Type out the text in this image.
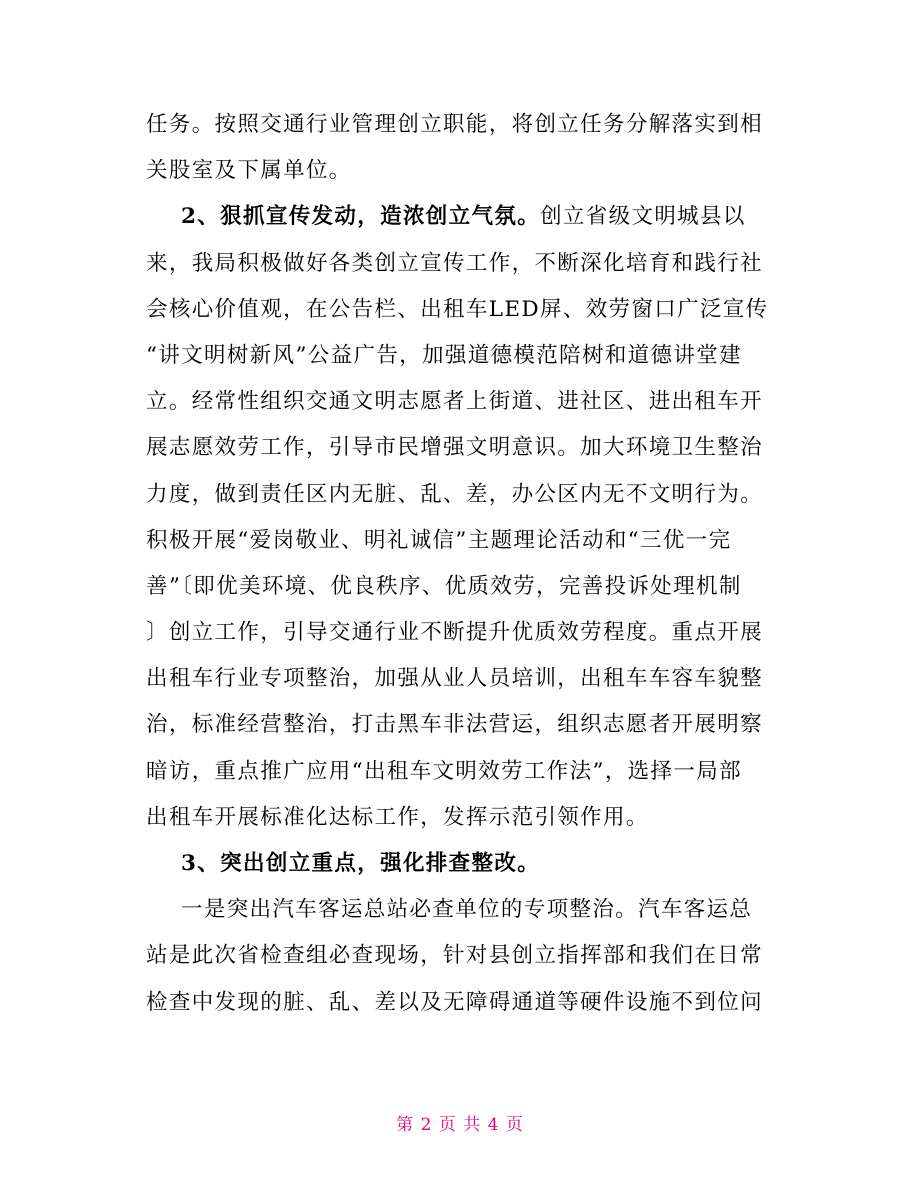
任务。按照交通行业管理创立职能，将创立任务分解落实到相
关股室及下属单位。
2、狠抓宣传发动，造浓创立气氛。创立省级文明城县以
来，我局积极做好各类创立宣传工作，不断深化培育和践行社
会核心价值观，在公告栏、出租车LED屏、效劳窗口广泛宣传
“讲文明树新风”公益广告，加强道德模范陪树和道德讲堂建
立。经常性组织交通文明志愿者上街道、进社区、进出租车开
展志愿效劳工作，引导市民增强文明意识。加大环境卫生整治
力度，做到责任区内无脏、乱、差，办公区内无不文明行为。
积极开展“爱岗敬业、明礼诚信”主题理论活动和“三优一完
善”〔即优美环境、优良秩序、优质效劳，完善投诉处理机制
〕创立工作，引导交通行业不断提升优质效劳程度。重点开展
出租车行业专项整治，加强从业人员培训，出租车车容车貌整
治，标准经营整治，打击黑车非法营运，组织志愿者开展明察
暗访，重点推广应用“出租车文明效劳工作法”，选择一局部
出租车开展标准化达标工作，发挥示范引领作用。
3、突出创立重点，强化排查整改。
一是突出汽车客运总站必查单位的专项整治。汽车客运总
站是此次省检查组必查现场，针对县创立指挥部和我们在日常
检查中发现的脏、乱、差以及无障碍通道等硬件设施不到位问
第 2 页 共 4 页
